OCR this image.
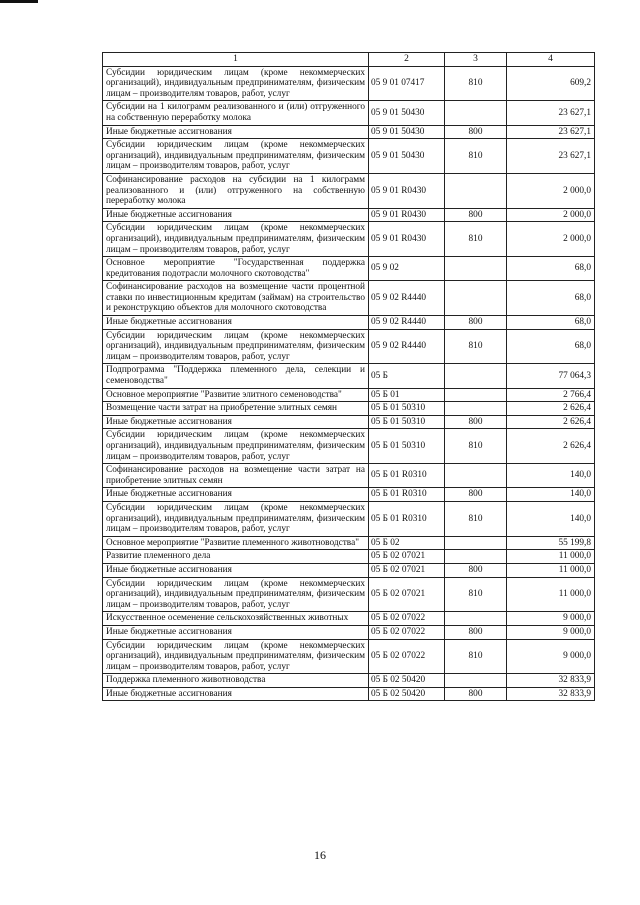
1	2	3	4
Субсидии юридическим лицам (кроме некоммерческих организаций), индивидуальным предпринимателям, физическим лицам – производителям товаров, работ, услуг	05 9 01 07417	810	609,2
Субсидии на 1 килограмм реализованного и (или) отгруженного на собственную переработку молока	05 9 01 50430		23 627,1
Иные бюджетные ассигнования	05 9 01 50430	800	23 627,1
Субсидии юридическим лицам (кроме некоммерческих организаций), индивидуальным предпринимателям, физическим лицам – производителям товаров, работ, услуг	05 9 01 50430	810	23 627,1
Софинансирование расходов на субсидии на 1 килограмм реализованного и (или) отгруженного на собственную переработку молока	05 9 01 R0430		2 000,0
Иные бюджетные ассигнования	05 9 01 R0430	800	2 000,0
Субсидии юридическим лицам (кроме некоммерческих организаций), индивидуальным предпринимателям, физическим лицам – производителям товаров, работ, услуг	05 9 01 R0430	810	2 000,0
Основное мероприятие "Государственная поддержка кредитования подотрасли молочного скотоводства"	05 9 02		68,0
Софинансирование расходов на возмещение части процентной ставки по инвестиционным кредитам (займам) на строительство и реконструкцию объектов для молочного скотоводства	05 9 02 R4440		68,0
Иные бюджетные ассигнования	05 9 02 R4440	800	68,0
Субсидии юридическим лицам (кроме некоммерческих организаций), индивидуальным предпринимателям, физическим лицам – производителям товаров, работ, услуг	05 9 02 R4440	810	68,0
Подпрограмма "Поддержка племенного дела, селекции и семеноводства"	05 Б		77 064,3
Основное мероприятие "Развитие элитного семеноводства"	05 Б 01		2 766,4
Возмещение части затрат на приобретение элитных семян	05 Б 01 50310		2 626,4
Иные бюджетные ассигнования	05 Б 01 50310	800	2 626,4
Субсидии юридическим лицам (кроме некоммерческих организаций), индивидуальным предпринимателям, физическим лицам – производителям товаров, работ, услуг	05 Б 01 50310	810	2 626,4
Софинансирование расходов на возмещение части затрат на приобретение элитных семян	05 Б 01 R0310		140,0
Иные бюджетные ассигнования	05 Б 01 R0310	800	140,0
Субсидии юридическим лицам (кроме некоммерческих организаций), индивидуальным предпринимателям, физическим лицам – производителям товаров, работ, услуг	05 Б 01 R0310	810	140,0
Основное мероприятие "Развитие племенного животноводства"	05 Б 02		55 199,8
Развитие племенного дела	05 Б 02 07021		11 000,0
Иные бюджетные ассигнования	05 Б 02 07021	800	11 000,0
Субсидии юридическим лицам (кроме некоммерческих организаций), индивидуальным предпринимателям, физическим лицам – производителям товаров, работ, услуг	05 Б 02 07021	810	11 000,0
Искусственное осеменение сельскохозяйственных животных	05 Б 02 07022		9 000,0
Иные бюджетные ассигнования	05 Б 02 07022	800	9 000,0
Субсидии юридическим лицам (кроме некоммерческих организаций), индивидуальным предпринимателям, физическим лицам – производителям товаров, работ, услуг	05 Б 02 07022	810	9 000,0
Поддержка племенного животноводства	05 Б 02 50420		32 833,9
Иные бюджетные ассигнования	05 Б 02 50420	800	32 833,9
16
